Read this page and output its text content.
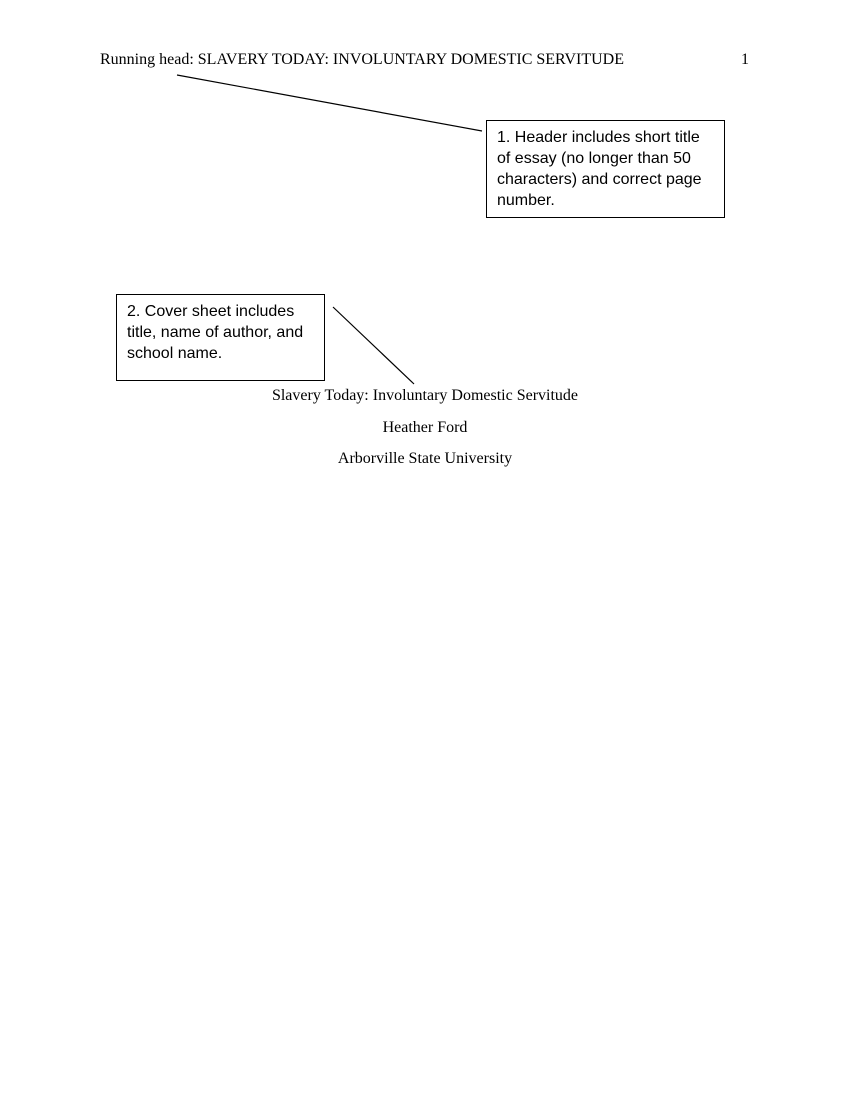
Running head: SLAVERY TODAY: INVOLUNTARY DOMESTIC SERVITUDE	1
1. Header includes short title of essay (no longer than 50 characters) and correct page number.
2. Cover sheet includes title, name of author, and school name.
Slavery Today: Involuntary Domestic Servitude
Heather Ford
Arborville State University
